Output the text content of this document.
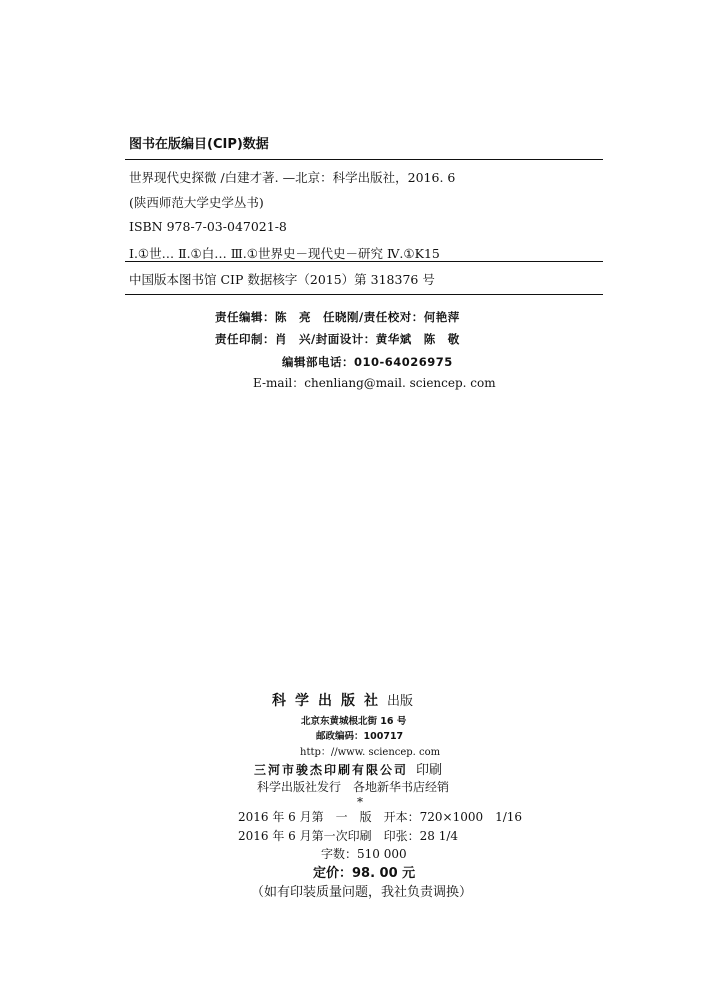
图书在版编目(CIP)数据
世界现代史探微 /白建才著. —北京：科学出版社，2016. 6
(陕西师范大学史学丛书)
ISBN 978-7-03-047021-8
Ⅰ.①世… Ⅱ.①白… Ⅲ.①世界史－现代史－研究 Ⅳ.①K15
中国版本图书馆 CIP 数据核字（2015）第 318376 号
责任编辑：陈　亮　任晓刚/责任校对：何艳萍
责任印制：肖　兴/封面设计：黄华斌　陈　敬
编辑部电话：010-64026975
E-mail：chenliang@mail. sciencep. com
科学出版社出版
北京东黄城根北街 16 号
邮政编码：100717
http：//www. sciencep. com
三河市骏杰印刷有限公司 印刷
科学出版社发行　各地新华书店经销
*
2016 年 6 月第　一　版　开本：720×1000　1/16
2016 年 6 月第一次印刷　印张：28 1/4
字数：510 000
定价：98. 00 元
（如有印装质量问题，我社负责调换）
